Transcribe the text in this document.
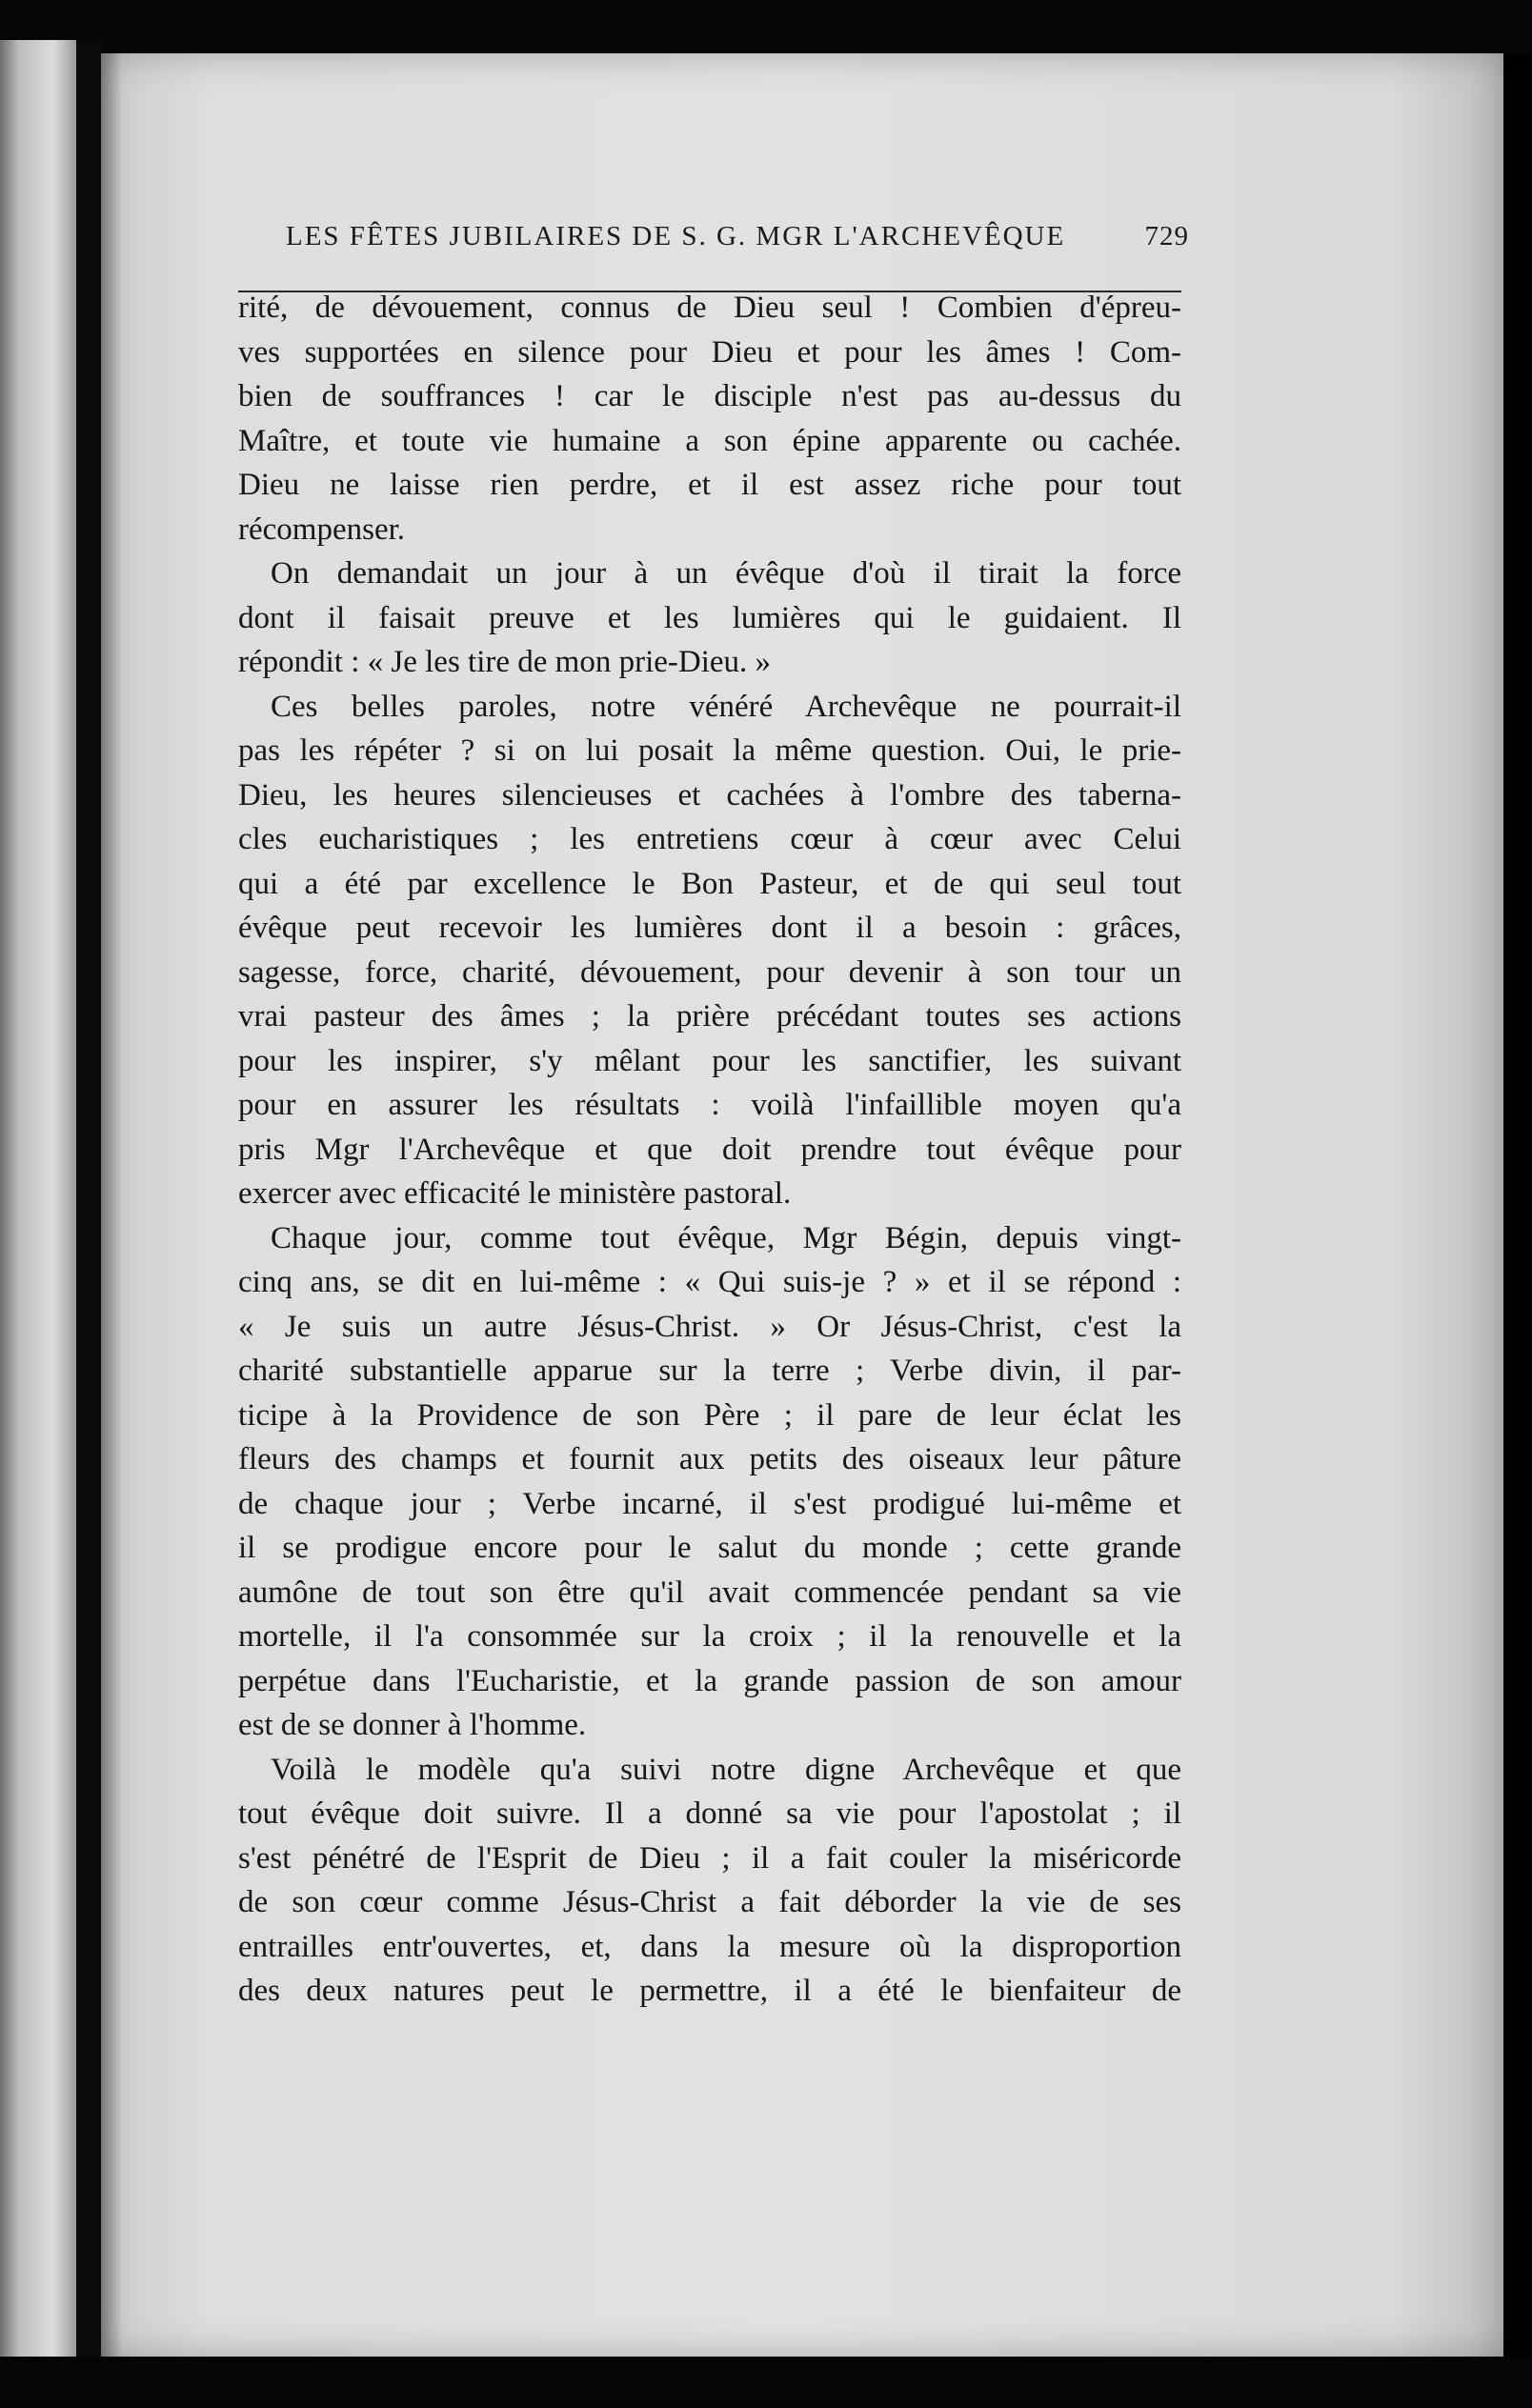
LES FÊTES JUBILAIRES DE S. G. MGR L'ARCHEVÊQUE	729
rité, de dévouement, connus de Dieu seul ! Combien d'épreu-
ves supportées en silence pour Dieu et pour les âmes ! Com-
bien de souffrances ! car le disciple n'est pas au-dessus du
Maître, et toute vie humaine a son épine apparente ou cachée.
Dieu ne laisse rien perdre, et il est assez riche pour tout
récompenser.
On demandait un jour à un évêque d'où il tirait la force
dont il faisait preuve et les lumières qui le guidaient. Il
répondit : « Je les tire de mon prie-Dieu. »
Ces belles paroles, notre vénéré Archevêque ne pourrait-il
pas les répéter ? si on lui posait la même question. Oui, le prie-
Dieu, les heures silencieuses et cachées à l'ombre des taberna-
cles eucharistiques ; les entretiens cœur à cœur avec Celui
qui a été par excellence le Bon Pasteur, et de qui seul tout
évêque peut recevoir les lumières dont il a besoin : grâces,
sagesse, force, charité, dévouement, pour devenir à son tour un
vrai pasteur des âmes ; la prière précédant toutes ses actions
pour les inspirer, s'y mêlant pour les sanctifier, les suivant
pour en assurer les résultats : voilà l'infaillible moyen qu'a
pris Mgr l'Archevêque et que doit prendre tout évêque pour
exercer avec efficacité le ministère pastoral.
Chaque jour, comme tout évêque, Mgr Bégin, depuis vingt-
cinq ans, se dit en lui-même : « Qui suis-je ? » et il se répond :
« Je suis un autre Jésus-Christ. » Or Jésus-Christ, c'est la
charité substantielle apparue sur la terre ; Verbe divin, il par-
ticipe à la Providence de son Père ; il pare de leur éclat les
fleurs des champs et fournit aux petits des oiseaux leur pâture
de chaque jour ; Verbe incarné, il s'est prodigué lui-même et
il se prodigue encore pour le salut du monde ; cette grande
aumône de tout son être qu'il avait commencée pendant sa vie
mortelle, il l'a consommée sur la croix ; il la renouvelle et la
perpétue dans l'Eucharistie, et la grande passion de son amour
est de se donner à l'homme.
Voilà le modèle qu'a suivi notre digne Archevêque et que
tout évêque doit suivre. Il a donné sa vie pour l'apostolat ; il
s'est pénétré de l'Esprit de Dieu ; il a fait couler la miséricorde
de son cœur comme Jésus-Christ a fait déborder la vie de ses
entrailles entr'ouvertes, et, dans la mesure où la disproportion
des deux natures peut le permettre, il a été le bienfaiteur de
